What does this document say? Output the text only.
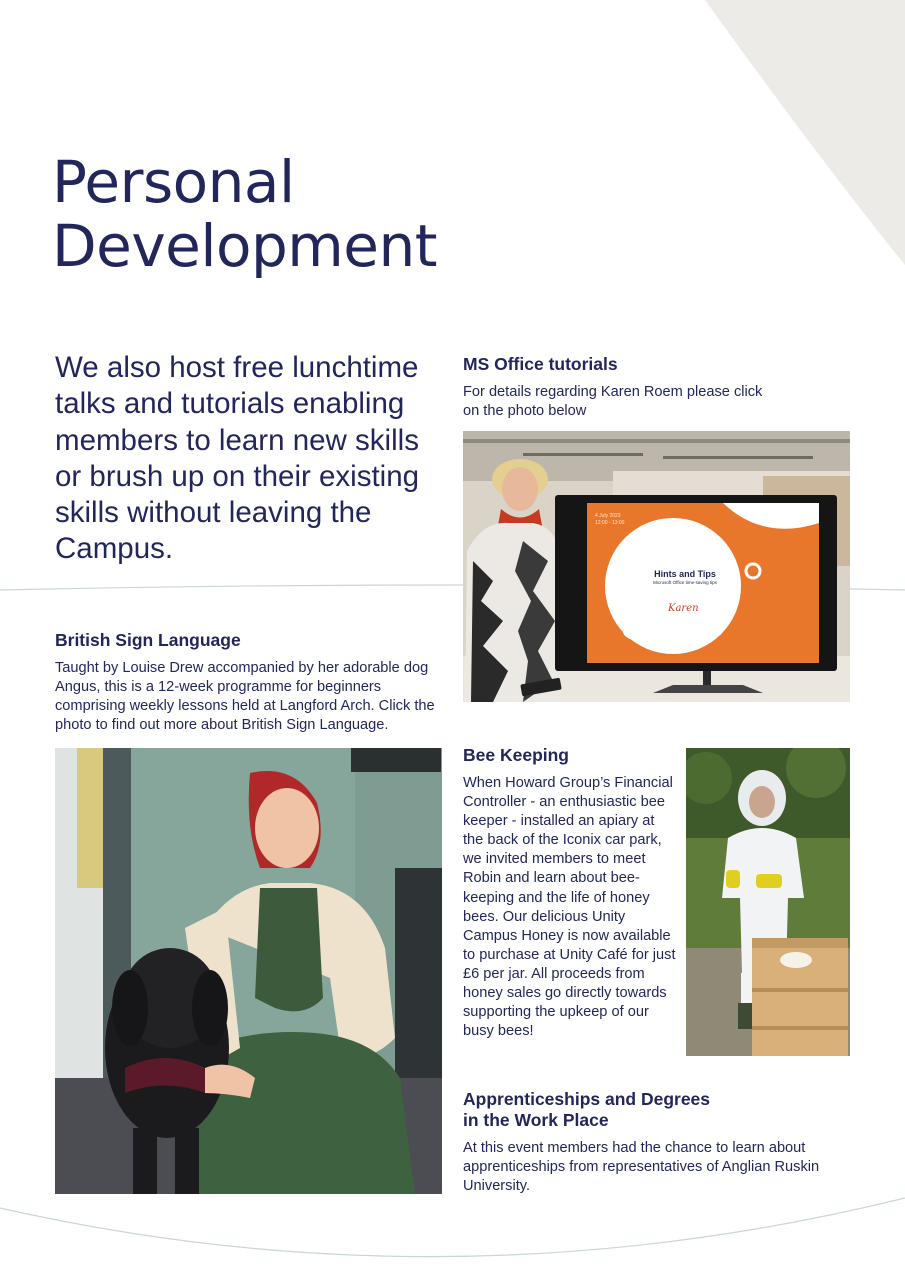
Personal
Development

We also host free lunchtime talks and tutorials enabling members to learn new skills or brush up on their existing skills without leaving the Campus.

MS Office tutorials

For details regarding Karen Roem please click on the photo below

4 July 2023
12:00 - 13:00
roem
Hints and Tips
Microsoft Office time-saving tips
Karen
British Sign Language

Taught by Louise Drew accompanied by her adorable dog Angus, this is a 12-week programme for beginners comprising weekly lessons held at Langford Arch. Click the photo to find out more about British Sign Language.

Bee Keeping

When Howard Group’s Financial Controller - an enthusiastic bee keeper - installed an apiary at the back of the Iconix car park, we invited members to meet Robin and learn about bee-keeping and the life of honey bees. Our delicious Unity Campus Honey is now available to purchase at Unity Café for just £6 per jar. All proceeds from honey sales go directly towards supporting the upkeep of our busy bees!

Apprenticeships and Degrees
in the Work Place

At this event members had the chance to learn about apprenticeships from representatives of Anglian Ruskin University.
